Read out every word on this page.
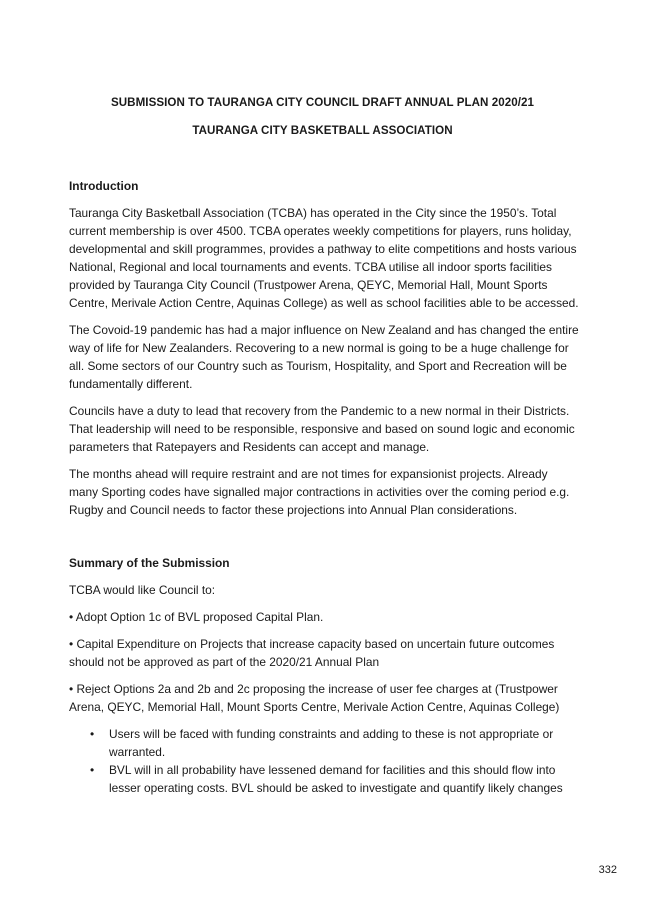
SUBMISSION TO TAURANGA CITY COUNCIL DRAFT ANNUAL PLAN 2020/21
TAURANGA CITY BASKETBALL ASSOCIATION
Introduction

Tauranga City Basketball Association (TCBA) has operated in the City since the 1950’s. Total current membership is over 4500. TCBA operates weekly competitions for players, runs holiday, developmental and skill programmes, provides a pathway to elite competitions and hosts various National, Regional and local tournaments and events. TCBA utilise all indoor sports facilities provided by Tauranga City Council (Trustpower Arena, QEYC, Memorial Hall, Mount Sports Centre, Merivale Action Centre, Aquinas College) as well as school facilities able to be accessed.

The Covoid-19 pandemic has had a major influence on New Zealand and has changed the entire way of life for New Zealanders. Recovering to a new normal is going to be a huge challenge for all. Some sectors of our Country such as Tourism, Hospitality, and Sport and Recreation will be fundamentally different.

Councils have a duty to lead that recovery from the Pandemic to a new normal in their Districts. That leadership will need to be responsible, responsive and based on sound logic and economic parameters that Ratepayers and Residents can accept and manage.

The months ahead will require restraint and are not times for expansionist projects. Already many Sporting codes have signalled major contractions in activities over the coming period e.g. Rugby and Council needs to factor these projections into Annual Plan considerations.

Summary of the Submission

TCBA would like Council to:

• Adopt Option 1c of BVL proposed Capital Plan.

• Capital Expenditure on Projects that increase capacity based on uncertain future outcomes should not be approved as part of the 2020/21 Annual Plan

• Reject Options 2a and 2b and 2c proposing the increase of user fee charges at (Trustpower Arena, QEYC, Memorial Hall, Mount Sports Centre, Merivale Action Centre, Aquinas College)

• Users will be faced with funding constraints and adding to these is not appropriate or warranted.
• BVL will in all probability have lessened demand for facilities and this should flow into lesser operating costs. BVL should be asked to investigate and quantify likely changes
332
